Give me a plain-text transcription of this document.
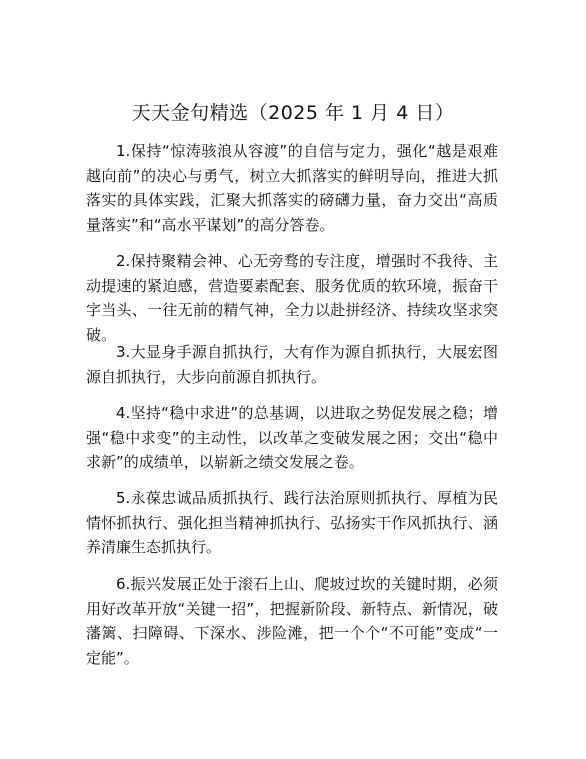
天天金句精选（2025 年 1 月 4 日）

1.保持“惊涛骇浪从容渡”的自信与定力，强化“越是艰难越向前”的决心与勇气，树立大抓落实的鲜明导向，推进大抓落实的具体实践，汇聚大抓落实的磅礴力量，奋力交出“高质量落实”和“高水平谋划”的高分答卷。

2.保持聚精会神、心无旁骛的专注度，增强时不我待、主动提速的紧迫感，营造要素配套、服务优质的软环境，振奋干字当头、一往无前的精气神，全力以赴拼经济、持续攻坚求突破。

3.大显身手源自抓执行，大有作为源自抓执行，大展宏图源自抓执行，大步向前源自抓执行。

4.坚持“稳中求进”的总基调，以进取之势促发展之稳；增强“稳中求变”的主动性，以改革之变破发展之困；交出“稳中求新”的成绩单，以崭新之绩交发展之卷。

5.永葆忠诚品质抓执行、践行法治原则抓执行、厚植为民情怀抓执行、强化担当精神抓执行、弘扬实干作风抓执行、涵养清廉生态抓执行。

6.振兴发展正处于滚石上山、爬坡过坎的关键时期，必须用好改革开放“关键一招”，把握新阶段、新特点、新情况，破藩篱、扫障碍、下深水、涉险滩，把一个个“不可能”变成“一定能”。
